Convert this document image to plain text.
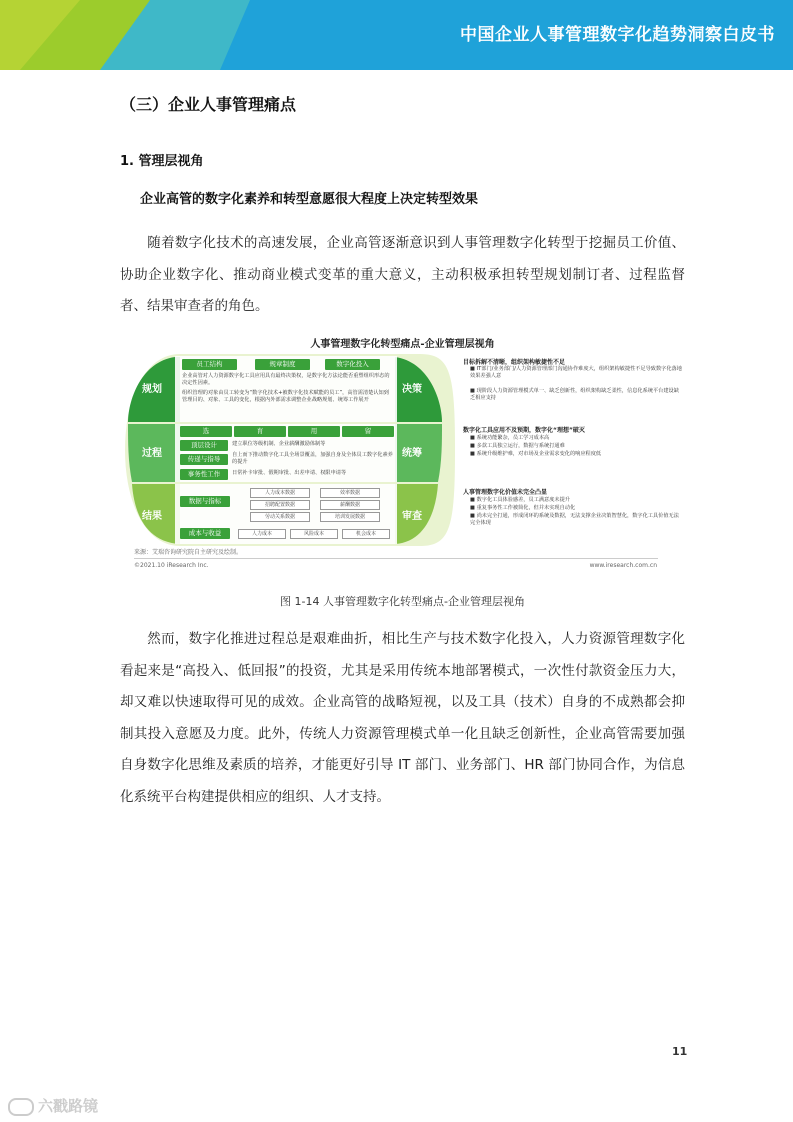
中国企业人事管理数字化趋势洞察白皮书
（三）企业人事管理痛点
1. 管理层视角
企业高管的数字化素养和转型意愿很大程度上决定转型效果
随着数字化技术的高速发展，企业高管逐渐意识到人事管理数字化转型于挖掘员工价值、协助企业数字化、推动商业模式变革的重大意义，主动积极承担转型规划制订者、过程监督者、结果审查者的角色。
人事管理数字化转型痛点-企业管理层视角
规划
过程
结果
决策
统筹
审查
员工结构	规章制度	数字化投入
企业高管对人力资源数字化工具应用具有最终决策权，是数字化方法论能否重塑组织形态的决定性因素。
组织管理的对象由员工转变为“数字化技术+被数字化技术赋能的员工”，高管需清楚认知到管理目的、对象、工具的变化，根据内外部需求调整企业战略规划、统筹工作展开
选	育	用	留
顶层设计
传递与指导
事务性工作
建立职位等级机制、企业薪酬激励体制等
自上而下推动数字化工具全场景覆盖，加强自身及全体员工数字化素养的提升
日常补卡审批、假期审批、出差申请、权限申请等
数据与指标
成本与收益
人力成本数据	效率数据
招聘配置数据	薪酬数据
劳动关系数据	培训发展数据
人力成本	风险成本	机会成本
目标拆解不清晰，组织架构敏捷性不足
■ IT部门/业务部门/人力资源管理部门沟通协作难度大，组织架构敏捷性不足导致数字化落地效果差强人意
■ 现阶段人力资源管理模式单一、缺乏创新性，组织架构缺乏柔性，信息化系统平台建设缺乏相应支持
数字化工具应用不及预期，数字化“理想”破灭
■ 系统功能繁杂，员工学习成本高
■ 多款工具独立运行，数据与系统打通难
■ 系统升级维护难，对市场及企业需求变化的响应程度低
人事管理数字化价值未完全凸显
■ 数字化工具体验感差，员工满意度未提升
■ 重复事务性工作被简化，但并未实现自动化
■ 尚未完全打通，形成闭环的系统及数据，无法支撑企业决策智慧化，数字化工具价值无法完全体现
来源：艾瑞咨询研究院自主研究及绘制。
©2021.10 iResearch Inc.	www.iresearch.com.cn
图 1-14 人事管理数字化转型痛点-企业管理层视角
然而，数字化推进过程总是艰难曲折，相比生产与技术数字化投入，人力资源管理数字化看起来是“高投入、低回报”的投资，尤其是采用传统本地部署模式，一次性付款资金压力大，却又难以快速取得可见的成效。企业高管的战略短视，以及工具（技术）自身的不成熟都会抑制其投入意愿及力度。此外，传统人力资源管理模式单一化且缺乏创新性，企业高管需要加强自身数字化思维及素质的培养，才能更好引导 IT 部门、业务部门、HR 部门协同合作，为信息化系统平台构建提供相应的组织、人才支持。
11
六戳路镜
